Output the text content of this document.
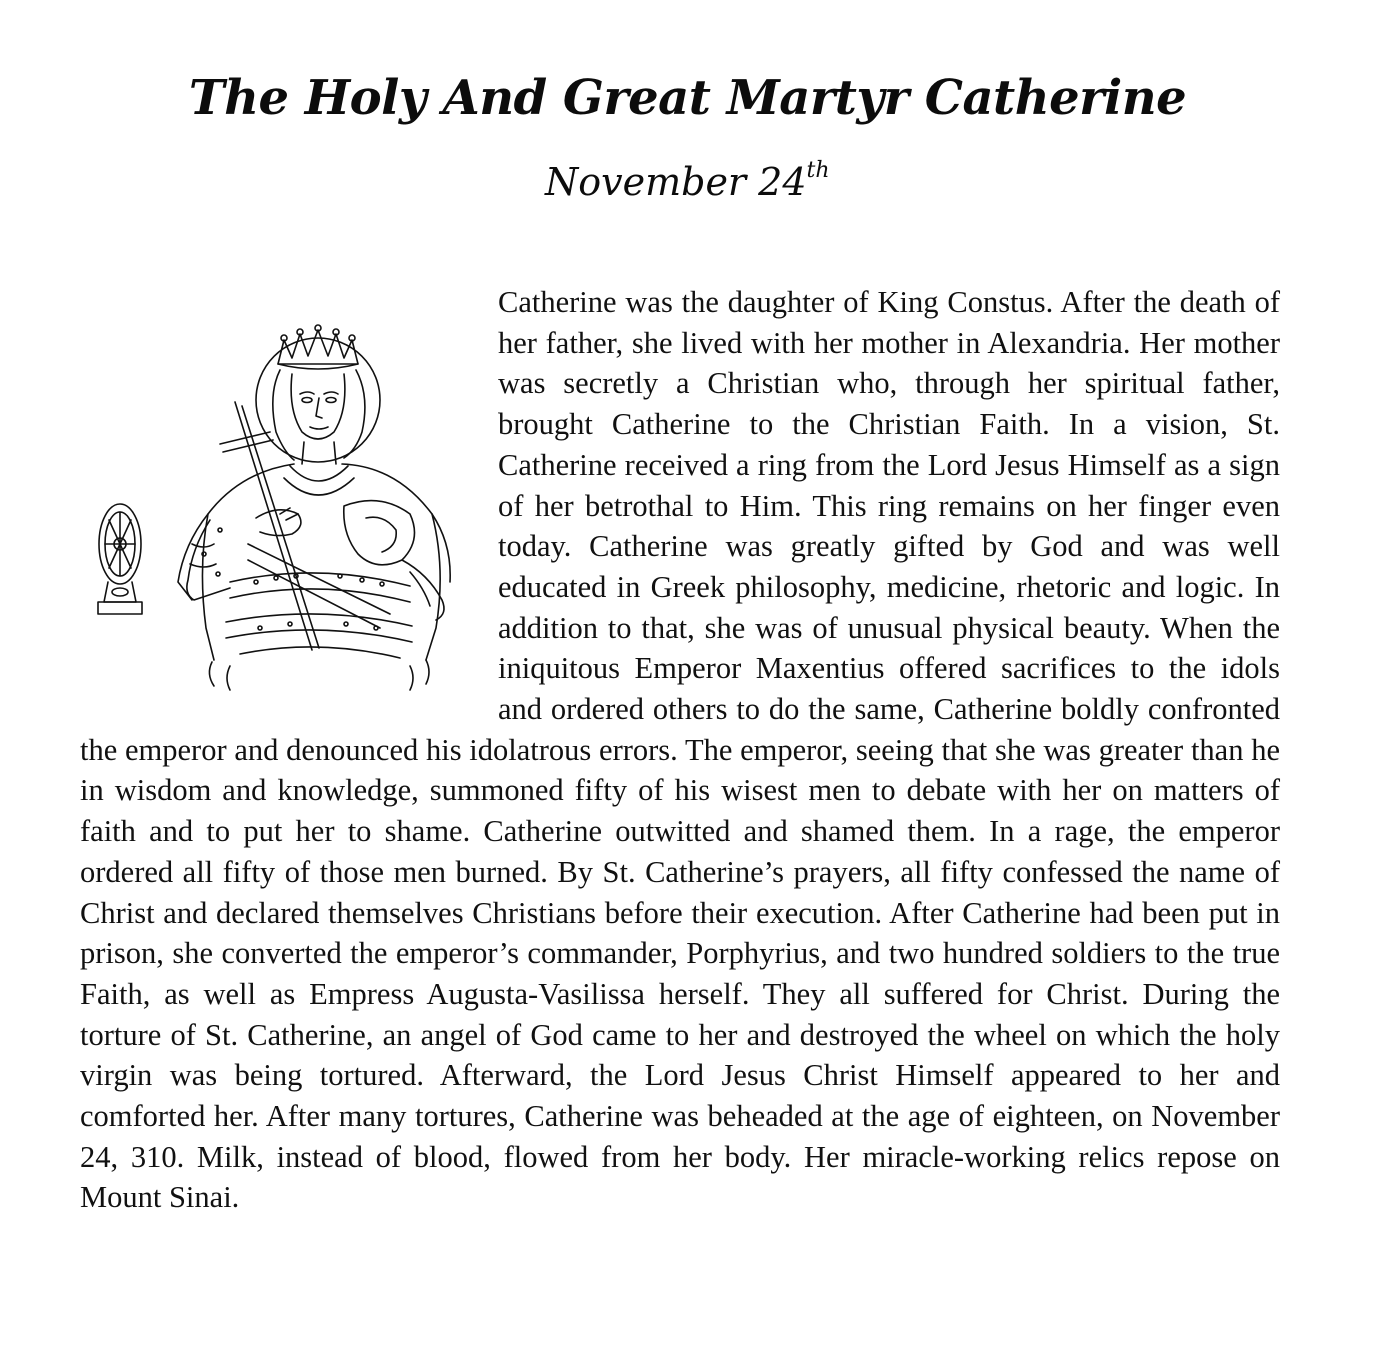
The Holy And Great Martyr Catherine
November 24th
Catherine was the daughter of King Constus. After the death of her father, she lived with her mother in Alexandria. Her mother was secretly a Christian who, through her spiritual father, brought Catherine to the Christian Faith. In a vision, St. Catherine received a ring from the Lord Jesus Himself as a sign of her betrothal to Him. This ring remains on her finger even today. Catherine was greatly gifted by God and was well educated in Greek philosophy, medicine, rhetoric and logic. In addition to that, she was of unusual physical beauty. When the iniquitous Emperor Maxentius offered sacrifices to the idols and ordered others to do the same, Catherine boldly confronted the emperor and denounced his idolatrous errors. The emperor, seeing that she was greater than he in wisdom and knowledge, summoned fifty of his wisest men to debate with her on matters of faith and to put her to shame. Catherine outwitted and shamed them. In a rage, the emperor ordered all fifty of those men burned. By St. Catherine’s prayers, all fifty confessed the name of Christ and declared themselves Christians before their execution. After Catherine had been put in prison, she converted the emperor’s commander, Porphyrius, and two hundred soldiers to the true Faith, as well as Empress Augusta-Vasilissa herself. They all suffered for Christ. During the torture of St. Catherine, an angel of God came to her and destroyed the wheel on which the holy virgin was being tortured. Afterward, the Lord Jesus Christ Himself appeared to her and comforted her. After many tortures, Catherine was beheaded at the age of eighteen, on November 24, 310. Milk, instead of blood, flowed from her body. Her miracle-working relics repose on Mount Sinai.
